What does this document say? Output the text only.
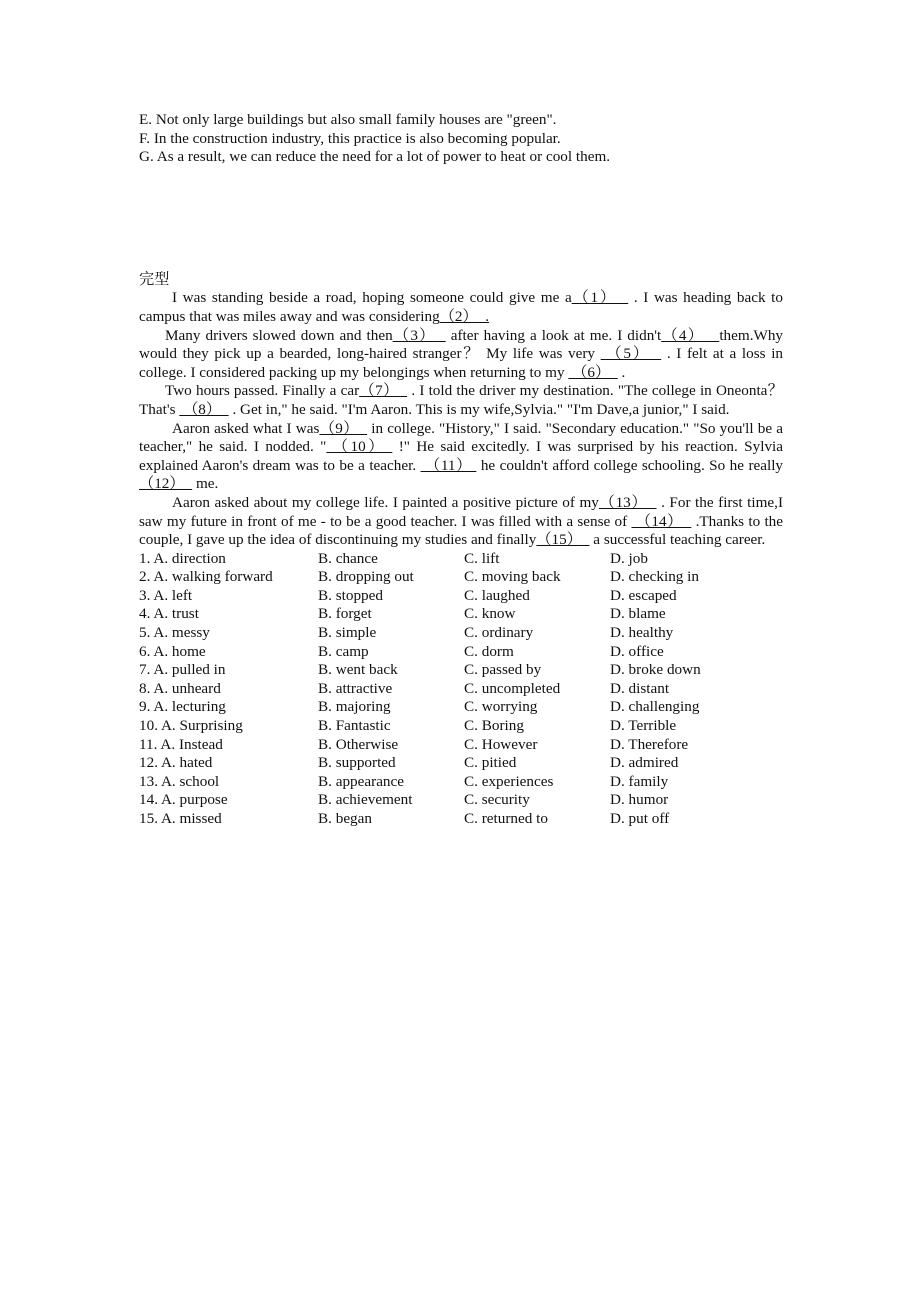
E. Not only large buildings but also small family houses are "green".
F. In the construction industry, this practice is also becoming popular.
G. As a result, we can reduce the need for a lot of power to heat or cool them.
完型

I was standing beside a road, hoping someone could give me a（1）   . I was heading back to campus that was miles away and was considering（2）  .

Many drivers slowed down and then（3）   after having a look at me. I didn't（4）   them.Why would they pick up a bearded, long-haired stranger？ My life was very  （5）   . I felt at a loss in college. I considered packing up my belongings when returning to my  （6）   .

Two hours passed. Finally a car（7）   . I told the driver my destination. "The college in Oneonta？ That's  （8）   . Get in," he said. "I'm Aaron. This is my wife,Sylvia." "I'm Dave,a junior," I said.

Aaron asked what I was（9）   in college. "History," I said. "Secondary education." "So you'll be a teacher," he said. I nodded. " （10）  !" He said excitedly. I was surprised by his reaction. Sylvia explained Aaron's dream was to be a teacher.  （11）  he couldn't afford college schooling. So he really（12）   me.

Aaron asked about my college life. I painted a positive picture of my（13）   . For the first time,I saw my future in front of me - to be a good teacher. I was filled with a sense of  （14）   .Thanks to the couple, I gave up the idea of discontinuing my studies and finally（15）   a successful teaching career.

1. A. direction	B. chance	C. lift	D. job
2. A. walking forward	B. dropping out	C. moving back	D. checking in
3. A. left	B. stopped	C. laughed	D. escaped
4. A. trust	B. forget	C. know	D. blame
5. A. messy	B. simple	C. ordinary	D. healthy
6. A. home	B. camp	C. dorm	D. office
7. A. pulled in	B. went back	C. passed by	D. broke down
8. A. unheard	B. attractive	C. uncompleted	D. distant
9. A. lecturing	B. majoring	C. worrying	D. challenging
10. A. Surprising	B. Fantastic	C. Boring	D. Terrible
11. A. Instead	B. Otherwise	C. However	D. Therefore
12. A. hated	B. supported	C. pitied	D. admired
13. A. school	B. appearance	C. experiences	D. family
14. A. purpose	B. achievement	C. security	D. humor
15. A. missed	B. began	C. returned to	D. put off
